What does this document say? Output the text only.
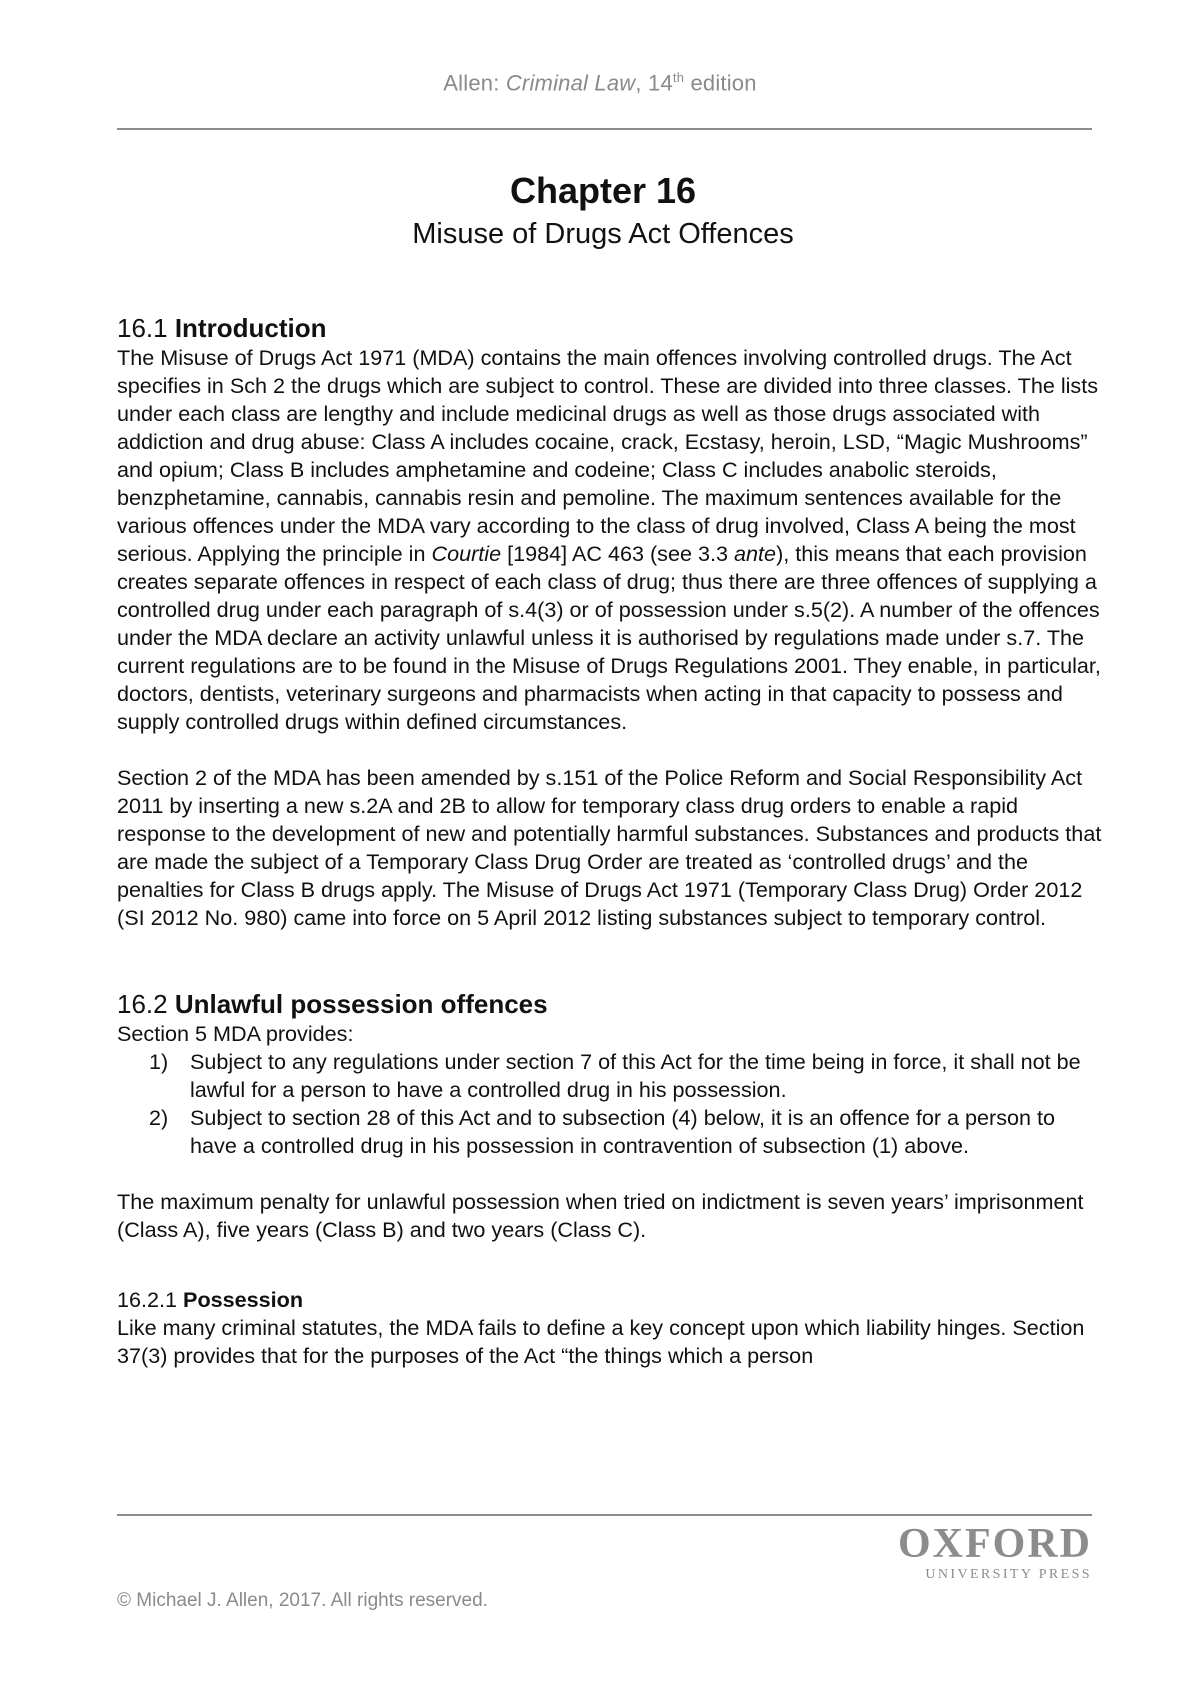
Allen: Criminal Law, 14th edition
Chapter 16
Misuse of Drugs Act Offences
16.1 Introduction

The Misuse of Drugs Act 1971 (MDA) contains the main offences involving controlled drugs. The Act specifies in Sch 2 the drugs which are subject to control. These are divided into three classes. The lists under each class are lengthy and include medicinal drugs as well as those drugs associated with addiction and drug abuse: Class A includes cocaine, crack, Ecstasy, heroin, LSD, “Magic Mushrooms” and opium; Class B includes amphetamine and codeine; Class C includes anabolic steroids, benzphetamine, cannabis, cannabis resin and pemoline. The maximum sentences available for the various offences under the MDA vary according to the class of drug involved, Class A being the most serious. Applying the principle in Courtie [1984] AC 463 (see 3.3 ante), this means that each provision creates separate offences in respect of each class of drug; thus there are three offences of supplying a controlled drug under each paragraph of s.4(3) or of possession under s.5(2). A number of the offences under the MDA declare an activity unlawful unless it is authorised by regulations made under s.7. The current regulations are to be found in the Misuse of Drugs Regulations 2001. They enable, in particular, doctors, dentists, veterinary surgeons and pharmacists when acting in that capacity to possess and supply controlled drugs within defined circumstances.

Section 2 of the MDA has been amended by s.151 of the Police Reform and Social Responsibility Act 2011 by inserting a new s.2A and 2B to allow for temporary class drug orders to enable a rapid response to the development of new and potentially harmful substances. Substances and products that are made the subject of a Temporary Class Drug Order are treated as ‘controlled drugs’ and the penalties for Class B drugs apply. The Misuse of Drugs Act 1971 (Temporary Class Drug) Order 2012 (SI 2012 No. 980) came into force on 5 April 2012 listing substances subject to temporary control.

16.2 Unlawful possession offences

Section 5 MDA provides:

1) Subject to any regulations under section 7 of this Act for the time being in force, it shall not be lawful for a person to have a controlled drug in his possession.
2) Subject to section 28 of this Act and to subsection (4) below, it is an offence for a person to have a controlled drug in his possession in contravention of subsection (1) above.

The maximum penalty for unlawful possession when tried on indictment is seven years’ imprisonment (Class A), five years (Class B) and two years (Class C).

16.2.1 Possession

Like many criminal statutes, the MDA fails to define a key concept upon which liability hinges. Section 37(3) provides that for the purposes of the Act “the things which a person

OXFORD
UNIVERSITY PRESS
© Michael J. Allen, 2017. All rights reserved.
